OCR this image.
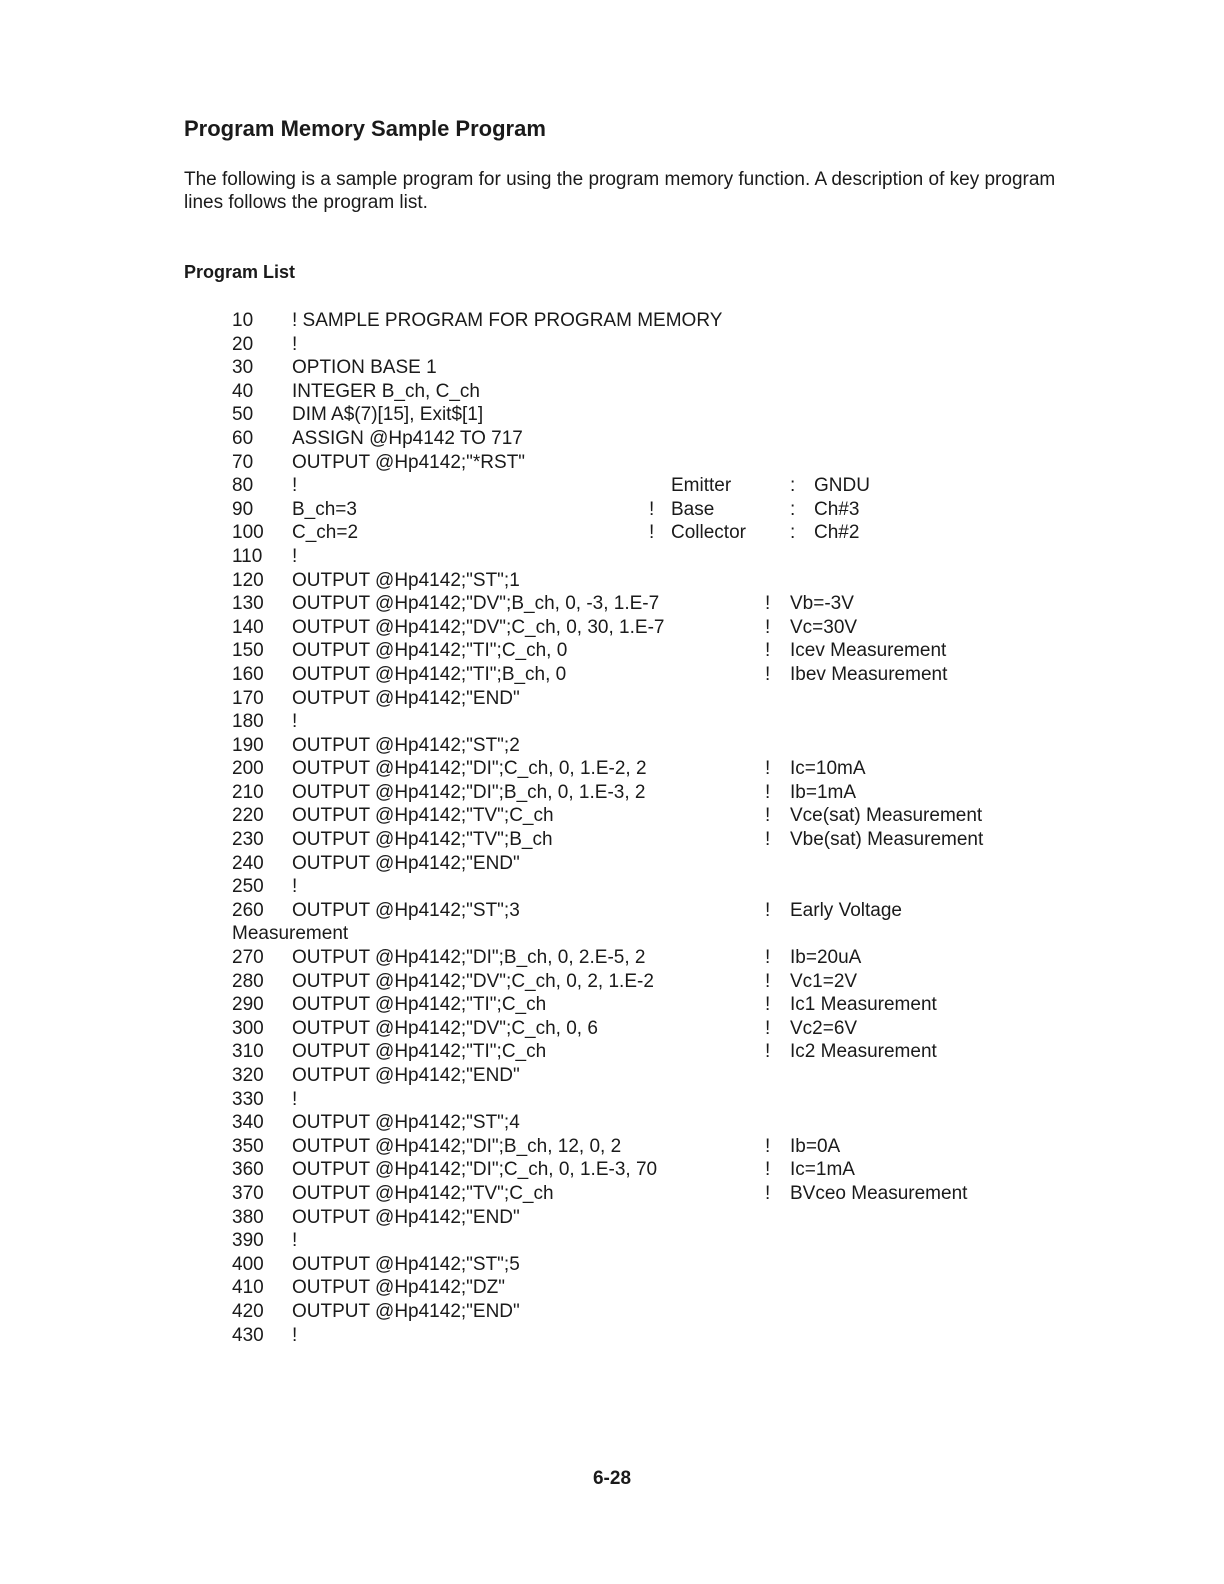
Program Memory Sample Program

The following is a sample program for using the program memory function. A description of key program lines follows the program list.

Program List
10 ! SAMPLE PROGRAM FOR PROGRAM MEMORY
20 !
30 OPTION BASE 1
40 INTEGER B_ch, C_ch
50 DIM A$(7)[15], Exit$[1]
60 ASSIGN @Hp4142 TO 717
70 OUTPUT @Hp4142;"*RST"
80 !	Emitter	: GNDU
90 B_ch=3	! Base	: Ch#3
100 C_ch=2	! Collector : Ch#2
110 !
120 OUTPUT @Hp4142;"ST";1
130 OUTPUT @Hp4142;"DV";B_ch, 0, -3, 1.E-7	! Vb=-3V
140 OUTPUT @Hp4142;"DV";C_ch, 0, 30, 1.E-7	! Vc=30V
150 OUTPUT @Hp4142;"TI";C_ch, 0	! Icev Measurement
160 OUTPUT @Hp4142;"TI";B_ch, 0	! Ibev Measurement
170 OUTPUT @Hp4142;"END"
180 !
190 OUTPUT @Hp4142;"ST";2
200 OUTPUT @Hp4142;"DI";C_ch, 0, 1.E-2, 2	! Ic=10mA
210 OUTPUT @Hp4142;"DI";B_ch, 0, 1.E-3, 2	! Ib=1mA
220 OUTPUT @Hp4142;"TV";C_ch	! Vce(sat) Measurement
230 OUTPUT @Hp4142;"TV";B_ch	! Vbe(sat) Measurement
240 OUTPUT @Hp4142;"END"
250 !
260 OUTPUT @Hp4142;"ST";3	! Early Voltage
Measurement
270 OUTPUT @Hp4142;"DI";B_ch, 0, 2.E-5, 2	! Ib=20uA
280 OUTPUT @Hp4142;"DV";C_ch, 0, 2, 1.E-2	! Vc1=2V
290 OUTPUT @Hp4142;"TI";C_ch	! Ic1 Measurement
300 OUTPUT @Hp4142;"DV";C_ch, 0, 6	! Vc2=6V
310 OUTPUT @Hp4142;"TI";C_ch	! Ic2 Measurement
320 OUTPUT @Hp4142;"END"
330 !
340 OUTPUT @Hp4142;"ST";4
350 OUTPUT @Hp4142;"DI";B_ch, 12, 0, 2	! Ib=0A
360 OUTPUT @Hp4142;"DI";C_ch, 0, 1.E-3, 70	! Ic=1mA
370 OUTPUT @Hp4142;"TV";C_ch	! BVceo Measurement
380 OUTPUT @Hp4142;"END"
390 !
400 OUTPUT @Hp4142;"ST";5
410 OUTPUT @Hp4142;"DZ"
420 OUTPUT @Hp4142;"END"
430 !
6-28
